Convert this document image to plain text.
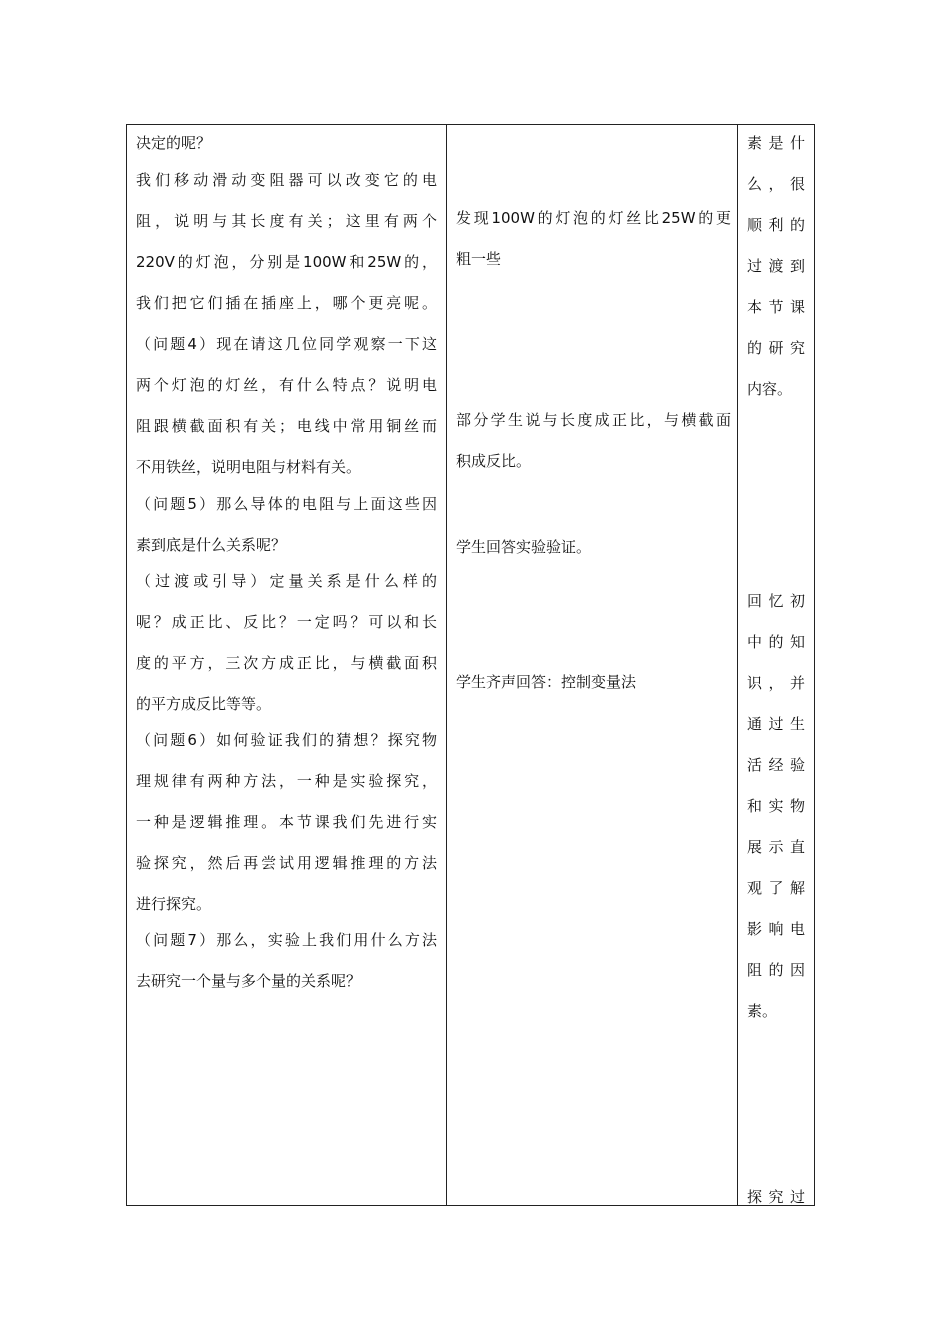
决定的呢？
我们移动滑动变阻器可以改变它的电
阻，说明与其长度有关；这里有两个
220V的灯泡，分别是100W和25W的，
我们把它们插在插座上，哪个更亮呢。
（问题4）现在请这几位同学观察一下这
两个灯泡的灯丝，有什么特点？说明电
阻跟横截面积有关；电线中常用铜丝而
不用铁丝，说明电阻与材料有关。
（问题5）那么导体的电阻与上面这些因
素到底是什么关系呢？
（过渡或引导）定量关系是什么样的
呢？成正比、反比？一定吗？可以和长
度的平方，三次方成正比，与横截面积
的平方成反比等等。
（问题6）如何验证我们的猜想？探究物
理规律有两种方法，一种是实验探究，
一种是逻辑推理。本节课我们先进行实
验探究，然后再尝试用逻辑推理的方法
进行探究。
（问题7）那么，实验上我们用什么方法
去研究一个量与多个量的关系呢？
发现100W的灯泡的灯丝比25W的更
粗一些
部分学生说与长度成正比，与横截面
积成反比。
学生回答实验验证。
学生齐声回答：控制变量法
素是什
么，很
顺利的
过渡到
本节课
的研究
内容。
回忆初
中的知
识，并
通过生
活经验
和实物
展示直
观了解
影响电
阻的因
素。
探究过
